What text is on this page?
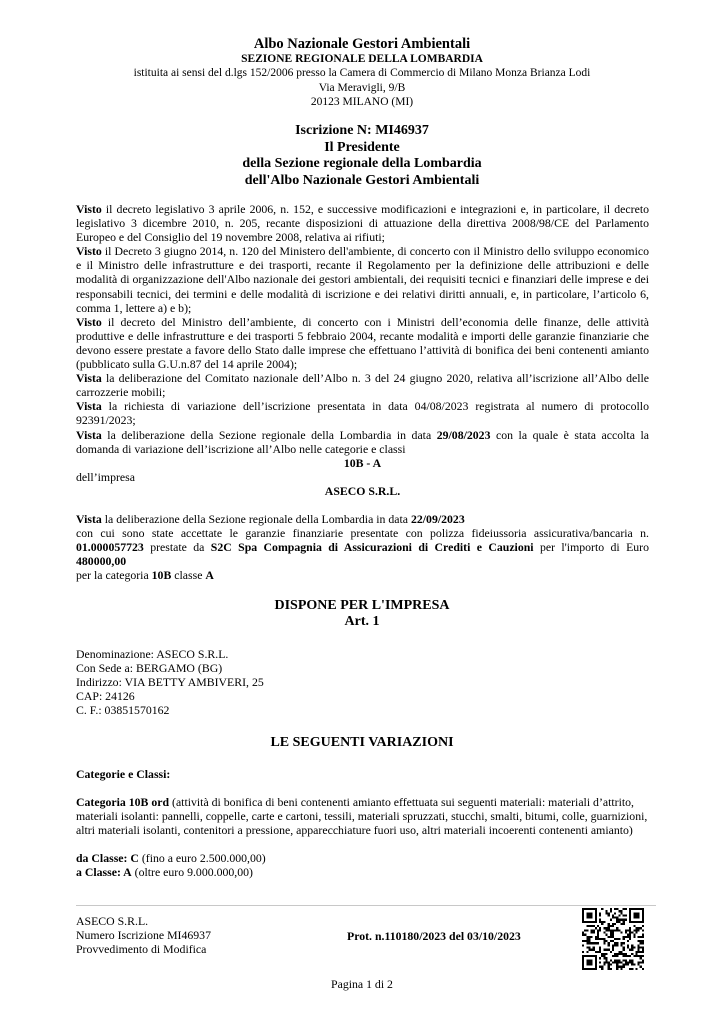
Albo Nazionale Gestori Ambientali
SEZIONE REGIONALE DELLA LOMBARDIA
istituita ai sensi del d.lgs 152/2006 presso la Camera di Commercio di Milano Monza Brianza Lodi
Via Meravigli, 9/B
20123 MILANO (MI)
Iscrizione N: MI46937
Il Presidente
della Sezione regionale della Lombardia
dell'Albo Nazionale Gestori Ambientali

Visto il decreto legislativo 3 aprile 2006, n. 152, e successive modificazioni e integrazioni e, in particolare, il decreto legislativo 3 dicembre 2010, n. 205, recante disposizioni di attuazione della direttiva 2008/98/CE del Parlamento Europeo e del Consiglio del 19 novembre 2008, relativa ai rifiuti;

Visto il Decreto 3 giugno 2014, n. 120 del Ministero dell'ambiente, di concerto con il Ministro dello sviluppo economico e il Ministro delle infrastrutture e dei trasporti, recante il Regolamento per la definizione delle attribuzioni e delle modalità di organizzazione dell'Albo nazionale dei gestori ambientali, dei requisiti tecnici e finanziari delle imprese e dei responsabili tecnici, dei termini e delle modalità di iscrizione e dei relativi diritti annuali, e, in particolare, l’articolo 6, comma 1, lettere a) e b);

Visto il decreto del Ministro dell’ambiente, di concerto con i Ministri dell’economia delle finanze, delle attività produttive e delle infrastrutture e dei trasporti 5 febbraio 2004, recante modalità e importi delle garanzie finanziarie che devono essere prestate a favore dello Stato dalle imprese che effettuano l’attività di bonifica dei beni contenenti amianto (pubblicato sulla G.U.n.87 del 14 aprile 2004);

Vista la deliberazione del Comitato nazionale dell’Albo n. 3 del 24 giugno 2020, relativa all’iscrizione all’Albo delle carrozzerie mobili;

Vista la richiesta di variazione dell’iscrizione presentata in data 04/08/2023 registrata al numero di protocollo 92391/2023;

Vista la deliberazione della Sezione regionale della Lombardia in data 29/08/2023 con la quale è stata accolta la domanda di variazione dell’iscrizione all’Albo nelle categorie e classi

10B - A

dell’impresa

ASECO S.R.L.

Vista la deliberazione della Sezione regionale della Lombardia in data 22/09/2023

con cui sono state accettate le garanzie finanziarie presentate con polizza fideiussoria assicurativa/bancaria n. 01.000057723 prestate da S2C Spa Compagnia di Assicurazioni di Crediti e Cauzioni per l'importo di Euro 480000,00

per la categoria 10B classe A

DISPONE PER L'IMPRESA
Art. 1
Denominazione: ASECO S.R.L.
Con Sede a: BERGAMO (BG)
Indirizzo: VIA BETTY AMBIVERI, 25
CAP: 24126
C. F.: 03851570162
LE SEGUENTI VARIAZIONI

Categorie e Classi:

Categoria 10B ord (attività di bonifica di beni contenenti amianto effettuata sui seguenti materiali: materiali d’attrito, materiali isolanti: pannelli, coppelle, carte e cartoni, tessili, materiali spruzzati, stucchi, smalti, bitumi, colle, guarnizioni, altri materiali isolanti, contenitori a pressione, apparecchiature fuori uso, altri materiali incoerenti contenenti amianto)

da Classe: C (fino a euro 2.500.000,00)

a Classe: A (oltre euro 9.000.000,00)

ASECO S.R.L.
Numero Iscrizione MI46937
Provvedimento di Modifica
Prot. n.110180/2023 del 03/10/2023
Pagina 1 di 2
